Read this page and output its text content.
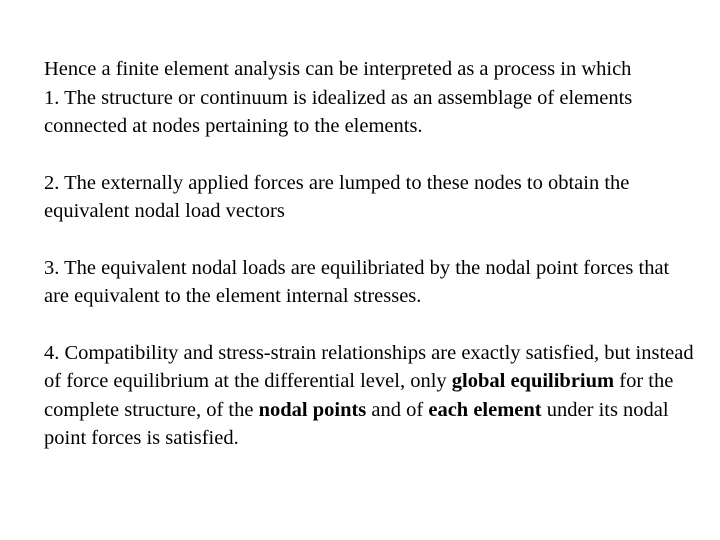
Hence a finite element analysis can be interpreted as a process in which

1. The structure or continuum is idealized as an assemblage of elements connected at nodes pertaining to the elements.

2. The externally applied forces are lumped to these nodes to obtain the equivalent nodal load vectors

3. The equivalent nodal loads are equilibriated by the nodal point forces that are equivalent to the element internal stresses.

4. Compatibility and stress-strain relationships are exactly satisfied, but instead of force equilibrium at the differential level, only global equilibrium for the complete structure, of the nodal points and of each element under its nodal point forces is satisfied.
